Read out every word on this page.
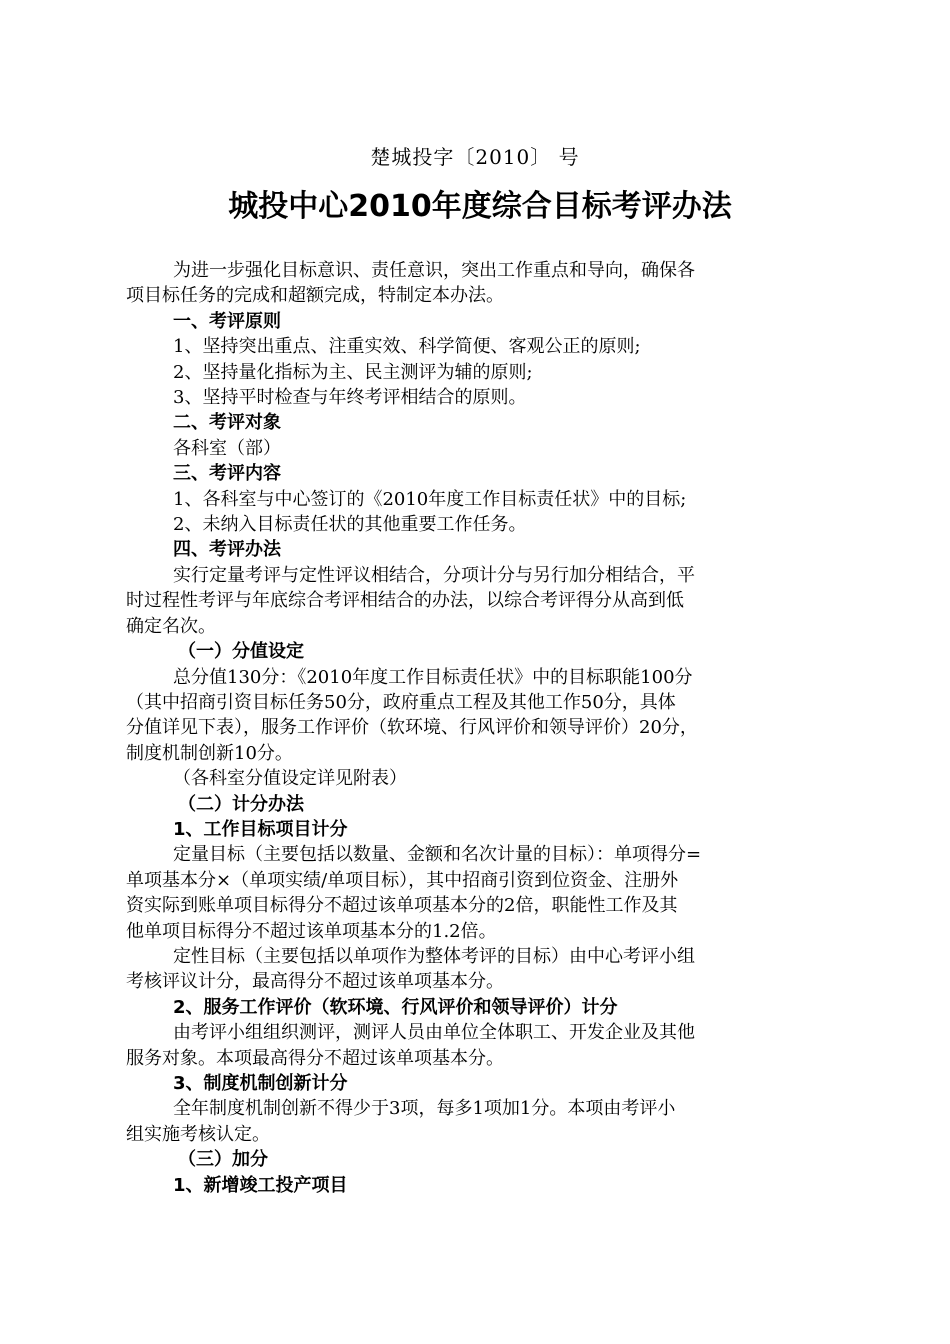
楚城投字〔2010〕 号
城投中心2010年度综合目标考评办法

为进一步强化目标意识、责任意识，突出工作重点和导向，确保各

项目标任务的完成和超额完成，特制定本办法。

一、考评原则

1、坚持突出重点、注重实效、科学简便、客观公正的原则;

2、坚持量化指标为主、民主测评为辅的原则;

3、坚持平时检查与年终考评相结合的原则。

二、考评对象

各科室（部）

三、考评内容

1、各科室与中心签订的《2010年度工作目标责任状》中的目标;

2、未纳入目标责任状的其他重要工作任务。

四、考评办法

实行定量考评与定性评议相结合，分项计分与另行加分相结合，平

时过程性考评与年底综合考评相结合的办法，以综合考评得分从高到低

确定名次。

（一）分值设定

总分值130分：《2010年度工作目标责任状》中的目标职能100分

（其中招商引资目标任务50分，政府重点工程及其他工作50分，具体

分值详见下表），服务工作评价（软环境、行风评价和领导评价）20分，

制度机制创新10分。

（各科室分值设定详见附表）

（二）计分办法

1、工作目标项目计分

定量目标（主要包括以数量、金额和名次计量的目标）：单项得分=

单项基本分×（单项实绩/单项目标），其中招商引资到位资金、注册外

资实际到账单项目标得分不超过该单项基本分的2倍，职能性工作及其

他单项目标得分不超过该单项基本分的1.2倍。

定性目标（主要包括以单项作为整体考评的目标）由中心考评小组

考核评议计分，最高得分不超过该单项基本分。

2、服务工作评价（软环境、行风评价和领导评价）计分

由考评小组组织测评，测评人员由单位全体职工、开发企业及其他

服务对象。本项最高得分不超过该单项基本分。

3、制度机制创新计分

全年制度机制创新不得少于3项，每多1项加1分。本项由考评小

组实施考核认定。

（三）加分

1、新增竣工投产项目
